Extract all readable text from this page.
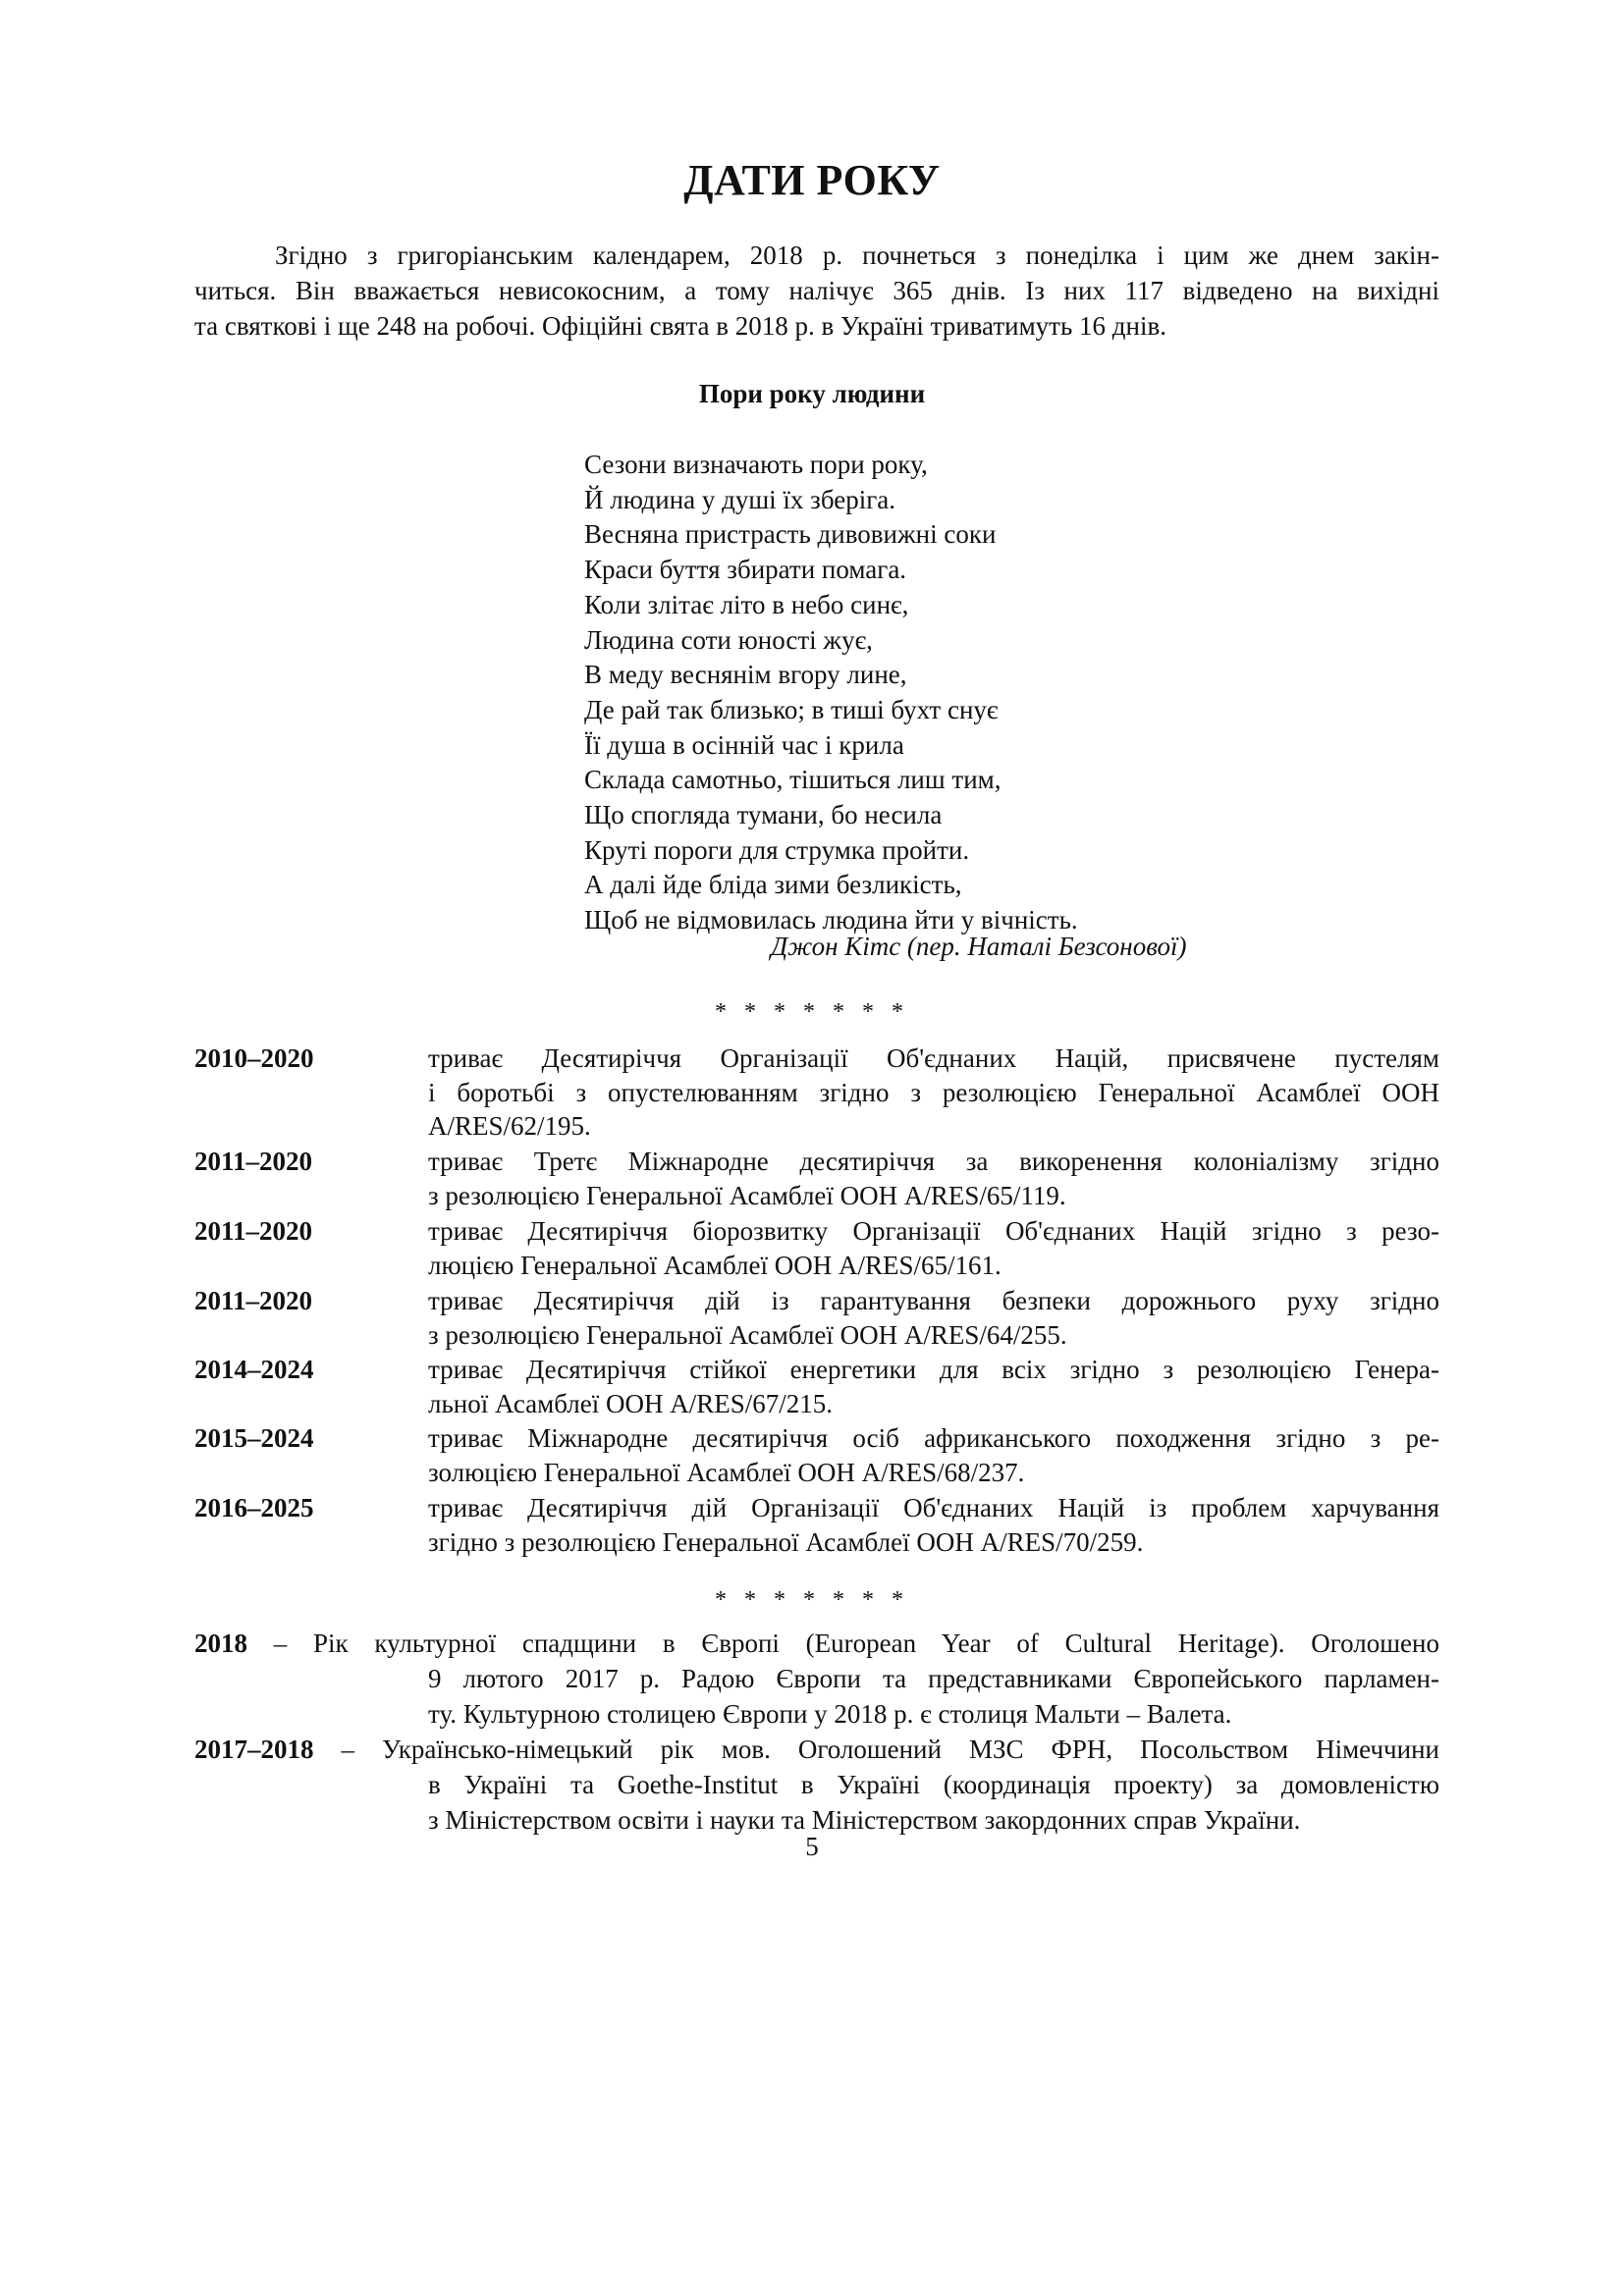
ДАТИ РОКУ
Згідно з григоріанським календарем, 2018 р. почнеться з понеділка і цим же днем закін-
читься. Він вважається невисокосним, а тому налічує 365 днів. Із них 117 відведено на вихідні
та святкові і ще 248 на робочі. Офіційні свята в 2018 р. в Україні триватимуть 16 днів.
Пори року людини
Сезони визначають пори року,
Й людина у душі їх зберіга.
Весняна пристрасть дивовижні соки
Краси буття збирати помага.
Коли злітає літо в небо синє,
Людина соти юності жує,
В меду веснянім вгору лине,
Де рай так близько; в тиші бухт снує
Її душа в осінній час і крила
Склада самотньо, тішиться лиш тим,
Що споглядa тумани, бо несила
Круті пороги для струмка пройти.
А далі йде бліда зими безликість,
Щоб не відмовилась людина йти у вічність.
Джон Кітс (пер. Наталі Безсонової)
* * * * * * *
2010–2020	триває Десятиріччя Організації Об'єднаних Націй, присвячене пустелям
і боротьбі з опустелюванням згідно з резолюцією Генеральної Асамблеї ООН
A/RES/62/195.
2011–2020	триває Третє Міжнародне десятиріччя за викоренення колоніалізму згідно
з резолюцією Генеральної Асамблеї ООН A/RES/65/119.
2011–2020	триває Десятиріччя біорозвитку Організації Об'єднаних Націй згідно з резо-
люцією Генеральної Асамблеї ООН A/RES/65/161.
2011–2020	триває Десятиріччя дій із гарантування безпеки дорожнього руху згідно
з резолюцією Генеральної Асамблеї ООН A/RES/64/255.
2014–2024	триває Десятиріччя стійкої енергетики для всіх згідно з резолюцією Генера-
льної Асамблеї ООН A/RES/67/215.
2015–2024	триває Міжнародне десятиріччя осіб африканського походження згідно з ре-
золюцією Генеральної Асамблеї ООН A/RES/68/237.
2016–2025	триває Десятиріччя дій Організації Об'єднаних Націй із проблем харчування
згідно з резолюцією Генеральної Асамблеї ООН A/RES/70/259.
* * * * * * *
2018 – Рік культурної спадщини в Європі (European Year of Cultural Heritage). Оголошено
9 лютого 2017 р. Радою Європи та представниками Європейського парламен-
ту. Культурною столицею Європи у 2018 р. є столиця Мальти – Валета.
2017–2018 – Українсько-німецький рік мов. Оголошений МЗС ФРН, Посольством Німеччини
в Україні та Goethe-Institut в Україні (координація проекту) за домовленістю
з Міністерством освіти і науки та Міністерством закордонних справ України.
5
